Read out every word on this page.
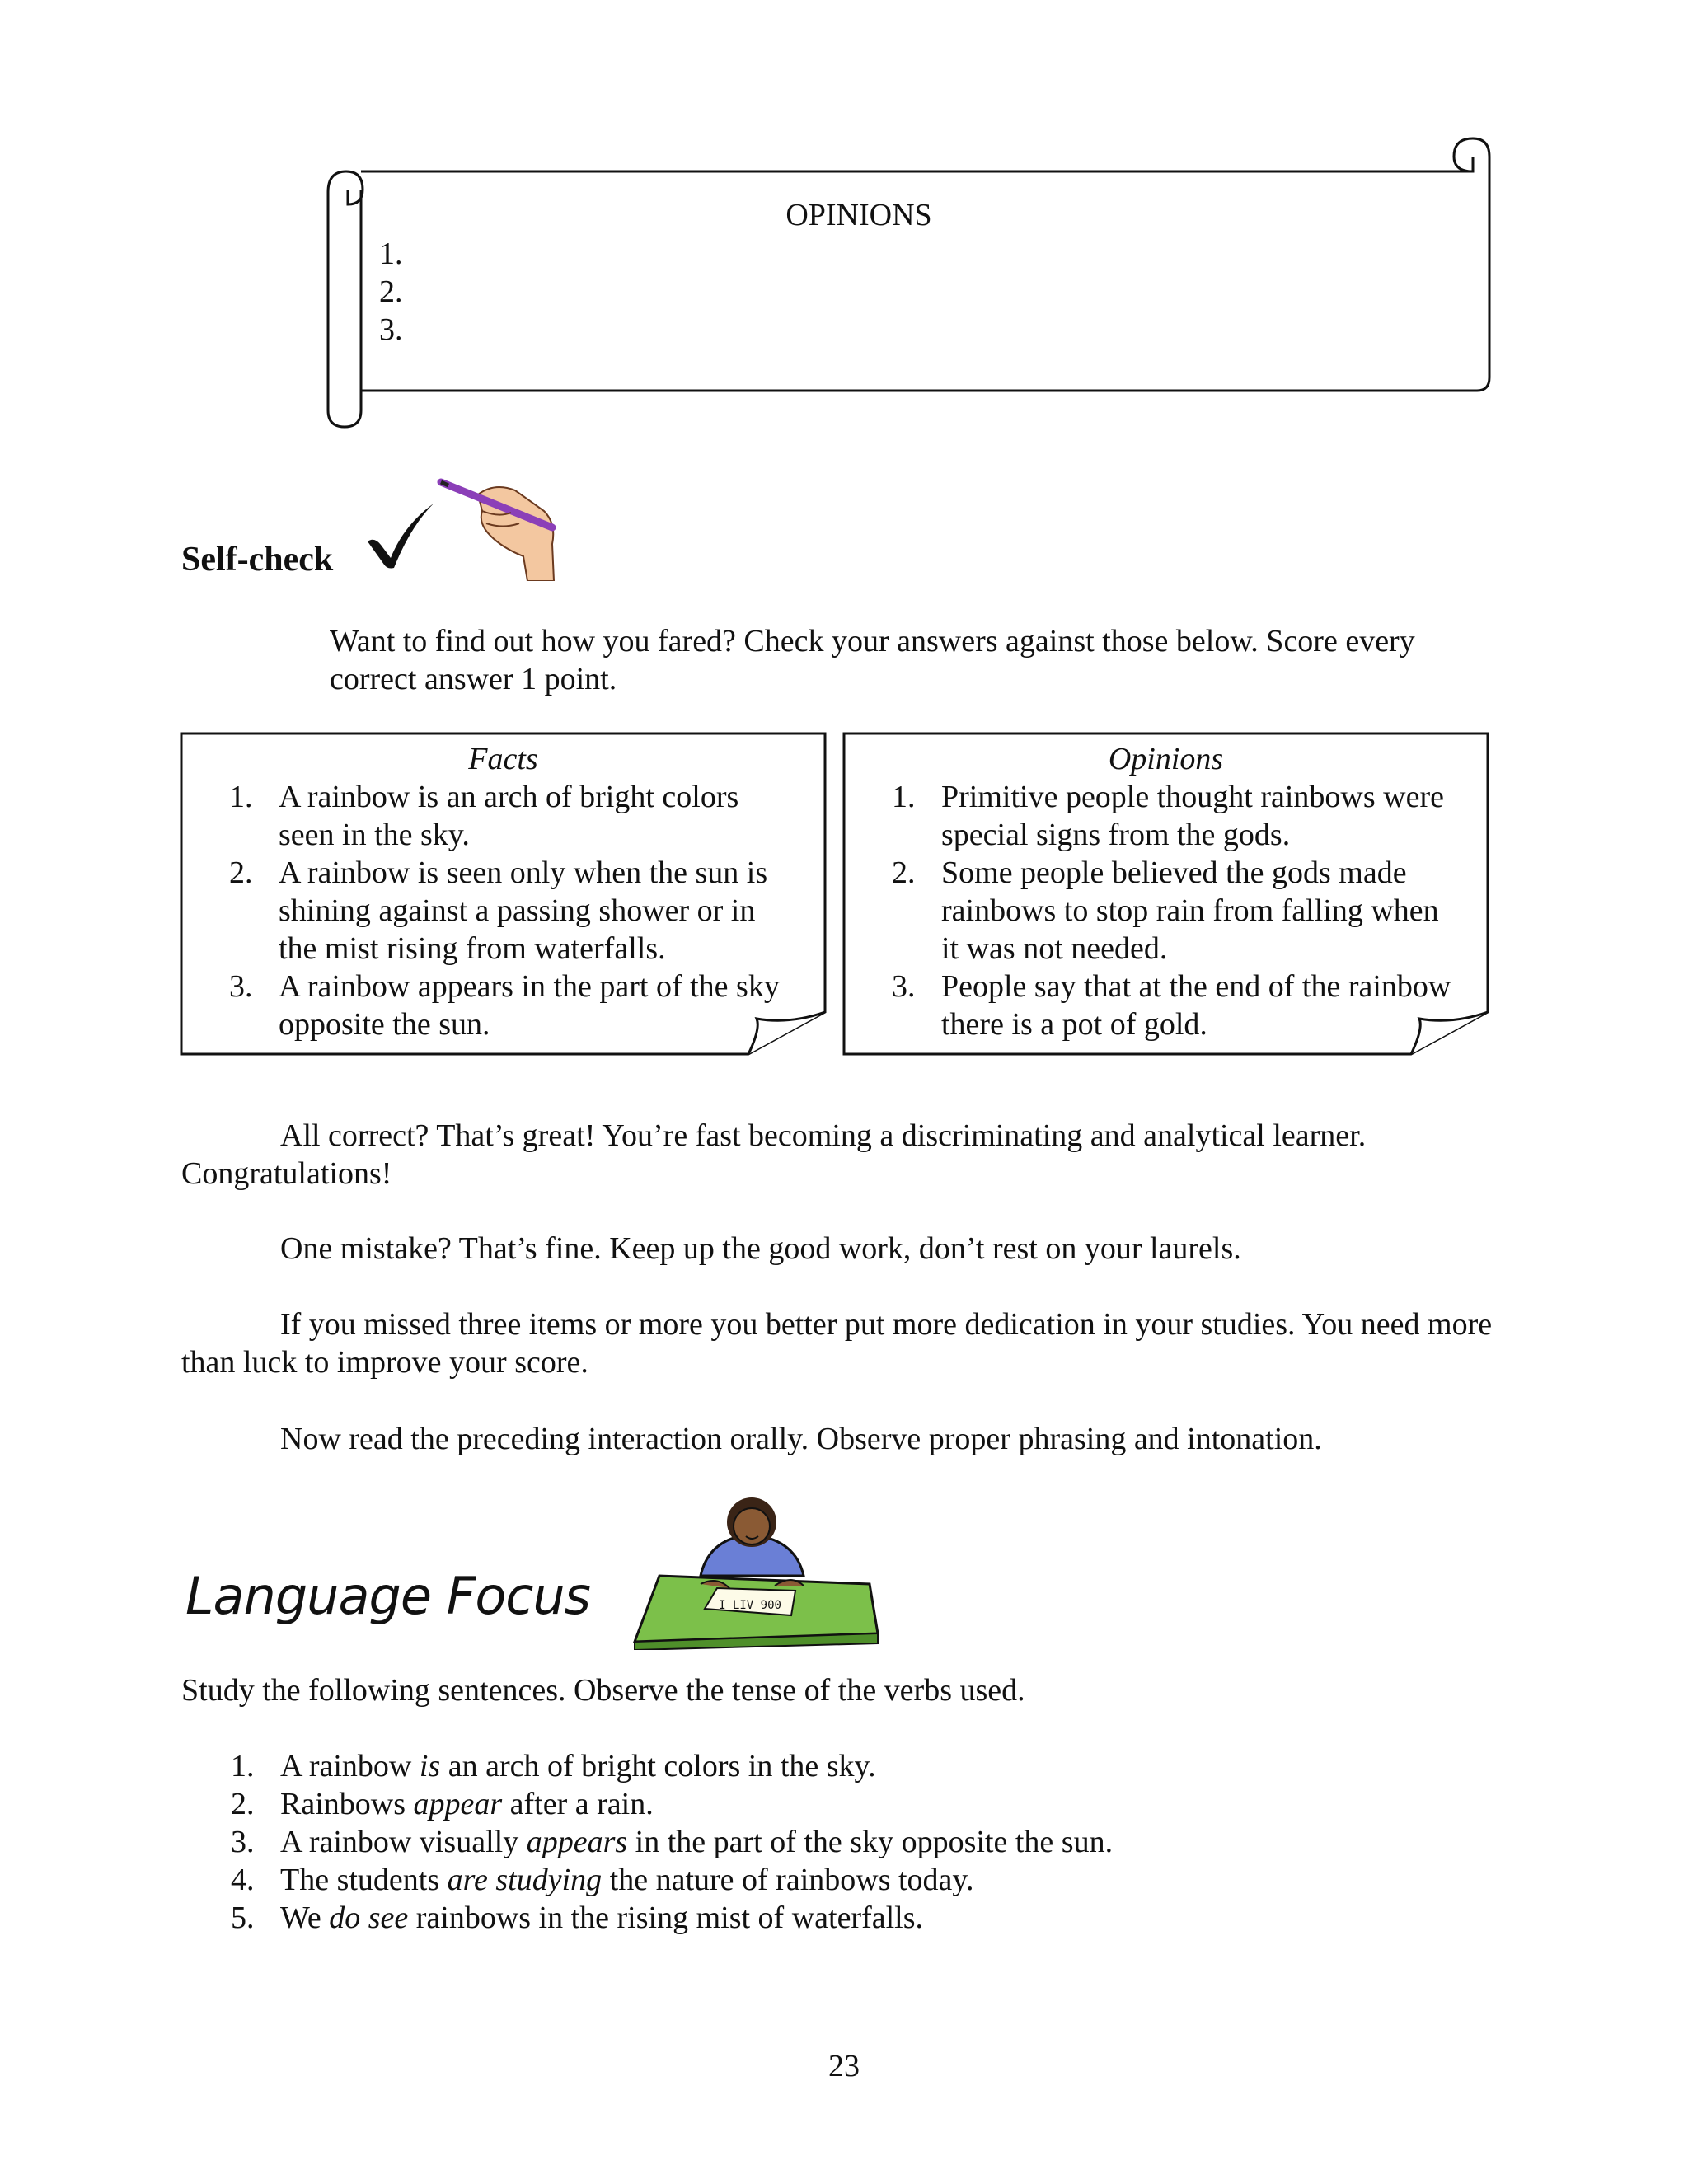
OPINIONS
1.
2.
3.
Self-check
Want to find out how you fared? Check your answers against those below. Score every correct answer 1 point.
Facts
1. A rainbow is an arch of bright colors seen in the sky.
2. A rainbow is seen only when the sun is shining against a passing shower or in the mist rising from waterfalls.
3. A rainbow appears in the part of the sky opposite the sun.
Opinions
1. Primitive people thought rainbows were special signs from the gods.
2. Some people believed the gods made rainbows to stop rain from falling when it was not needed.
3. People say that at the end of the rainbow there is a pot of gold.
All correct? That’s great! You’re fast becoming a discriminating and analytical learner. Congratulations!
One mistake? That’s fine. Keep up the good work, don’t rest on your laurels.
If you missed three items or more you better put more dedication in your studies. You need more than luck to improve your score.
Now read the preceding interaction orally. Observe proper phrasing and intonation.
Language Focus	I LIV 900
Study the following sentences. Observe the tense of the verbs used.
1. A rainbow is an arch of bright colors in the sky.
2. Rainbows appear after a rain.
3. A rainbow visually appears in the part of the sky opposite the sun.
4. The students are studying the nature of rainbows today.
5. We do see rainbows in the rising mist of waterfalls.
23
